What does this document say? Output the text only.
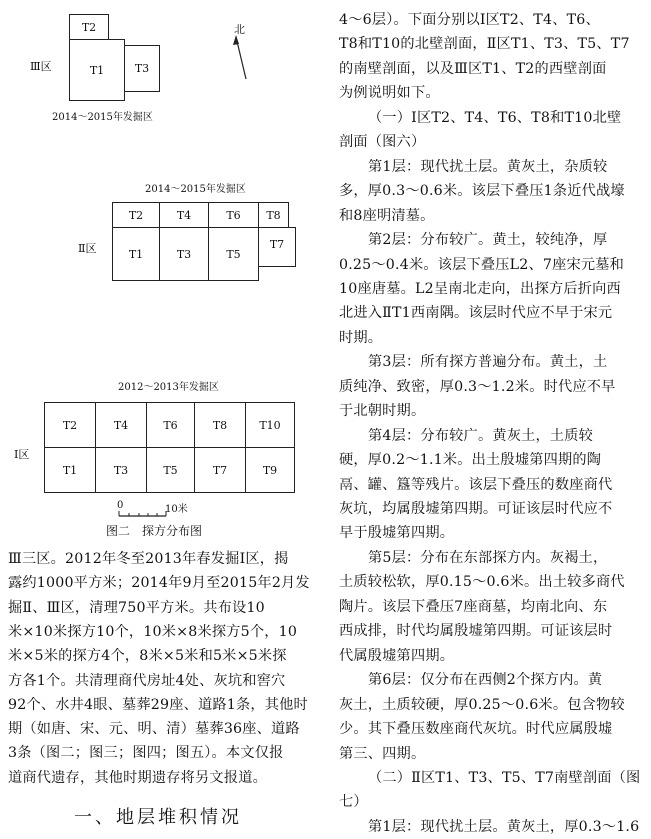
Ⅲ区
T2
T1	T3
2014～2015年发掘区
北
2014～2015年发掘区
Ⅱ区
T2	T4	T6 T8
T1	T3	T5
T7
2012～2013年发掘区
Ⅰ区
T2	T4	T6	T8	T10
T1	T3	T5	T7	T9
0	10米
图二　探方分布图
Ⅲ三区。2012年冬至2013年春发掘Ⅰ区，揭
露约1000平方米；2014年9月至2015年2月发
掘Ⅱ、Ⅲ区，清理750平方米。共布设10
米×10米探方10个，10米×8米探方5个，10
米×5米的探方4个，8米×5米和5米×5米探
方各1个。共清理商代房址4处、灰坑和窖穴
92个、水井4眼、墓葬29座、道路1条，其他时
期（如唐、宋、元、明、清）墓葬36座、道路
3条（图二；图三；图四；图五）。本文仅报
道商代遗存，其他时期遗存将另文报道。
一、地层堆积情况
4～6层）。下面分别以Ⅰ区T2、T4、T6、
T8和T10的北壁剖面，Ⅱ区T1、T3、T5、T7
的南壁剖面，以及Ⅲ区T1、T2的西壁剖面
为例说明如下。
（一）Ⅰ区T2、T4、T6、T8和T10北壁
剖面（图六）
第1层：现代扰土层。黄灰土，杂质较
多，厚0.3～0.6米。该层下叠压1条近代战壕
和8座明清墓。
第2层：分布较广。黄土，较纯净，厚
0.25～0.4米。该层下叠压L2、7座宋元墓和
10座唐墓。L2呈南北走向，出探方后折向西
北进入ⅡT1西南隅。该层时代应不早于宋元
时期。
第3层：所有探方普遍分布。黄土，土
质纯净、致密，厚0.3～1.2米。时代应不早
于北朝时期。
第4层：分布较广。黄灰土，土质较
硬，厚0.2～1.1米。出土殷墟第四期的陶
鬲、罐、簋等残片。该层下叠压的数座商代
灰坑，均属殷墟第四期。可证该层时代应不
早于殷墟第四期。
第5层：分布在东部探方内。灰褐土，
土质较松软，厚0.15～0.6米。出土较多商代
陶片。该层下叠压7座商墓，均南北向、东
西成排，时代均属殷墟第四期。可证该层时
代属殷墟第四期。
第6层：仅分布在西侧2个探方内。黄
灰土，土质较硬，厚0.25～0.6米。包含物较
少。其下叠压数座商代灰坑。时代应属殷墟
第三、四期。
（二）Ⅱ区T1、T3、T5、T7南壁剖面（图
七）
第1层：现代扰土层。黄灰土，厚0.3～1.6
